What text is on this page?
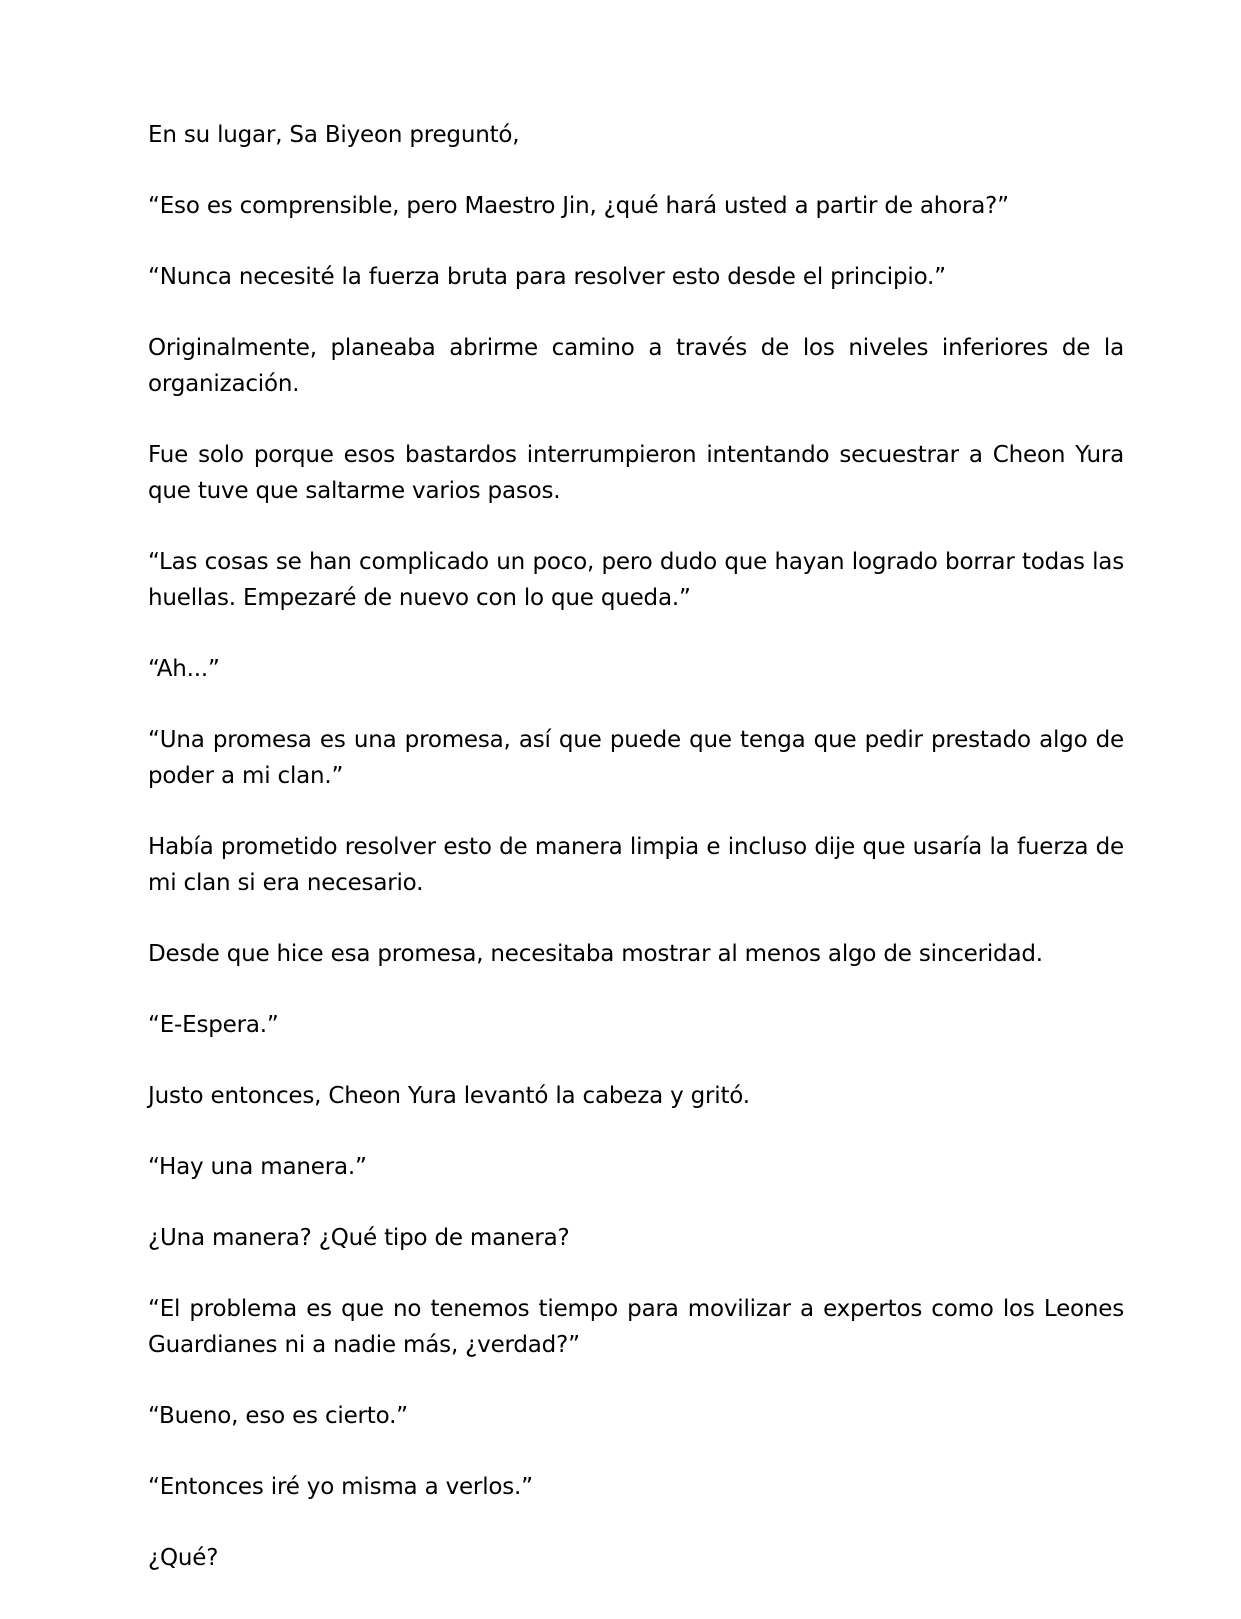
En su lugar, Sa Biyeon preguntó,

“Eso es comprensible, pero Maestro Jin, ¿qué hará usted a partir de ahora?”

“Nunca necesité la fuerza bruta para resolver esto desde el principio.”

Originalmente, planeaba abrirme camino a través de los niveles inferiores de la organización.

Fue solo porque esos bastardos interrumpieron intentando secuestrar a Cheon Yura que tuve que saltarme varios pasos.

“Las cosas se han complicado un poco, pero dudo que hayan logrado borrar todas las huellas. Empezaré de nuevo con lo que queda.”

“Ah...”

“Una promesa es una promesa, así que puede que tenga que pedir prestado algo de poder a mi clan.”

Había prometido resolver esto de manera limpia e incluso dije que usaría la fuerza de mi clan si era necesario.

Desde que hice esa promesa, necesitaba mostrar al menos algo de sinceridad.

“E-Espera.”

Justo entonces, Cheon Yura levantó la cabeza y gritó.

“Hay una manera.”

¿Una manera? ¿Qué tipo de manera?

“El problema es que no tenemos tiempo para movilizar a expertos como los Leones Guardianes ni a nadie más, ¿verdad?”

“Bueno, eso es cierto.”

“Entonces iré yo misma a verlos.”

¿Qué?
